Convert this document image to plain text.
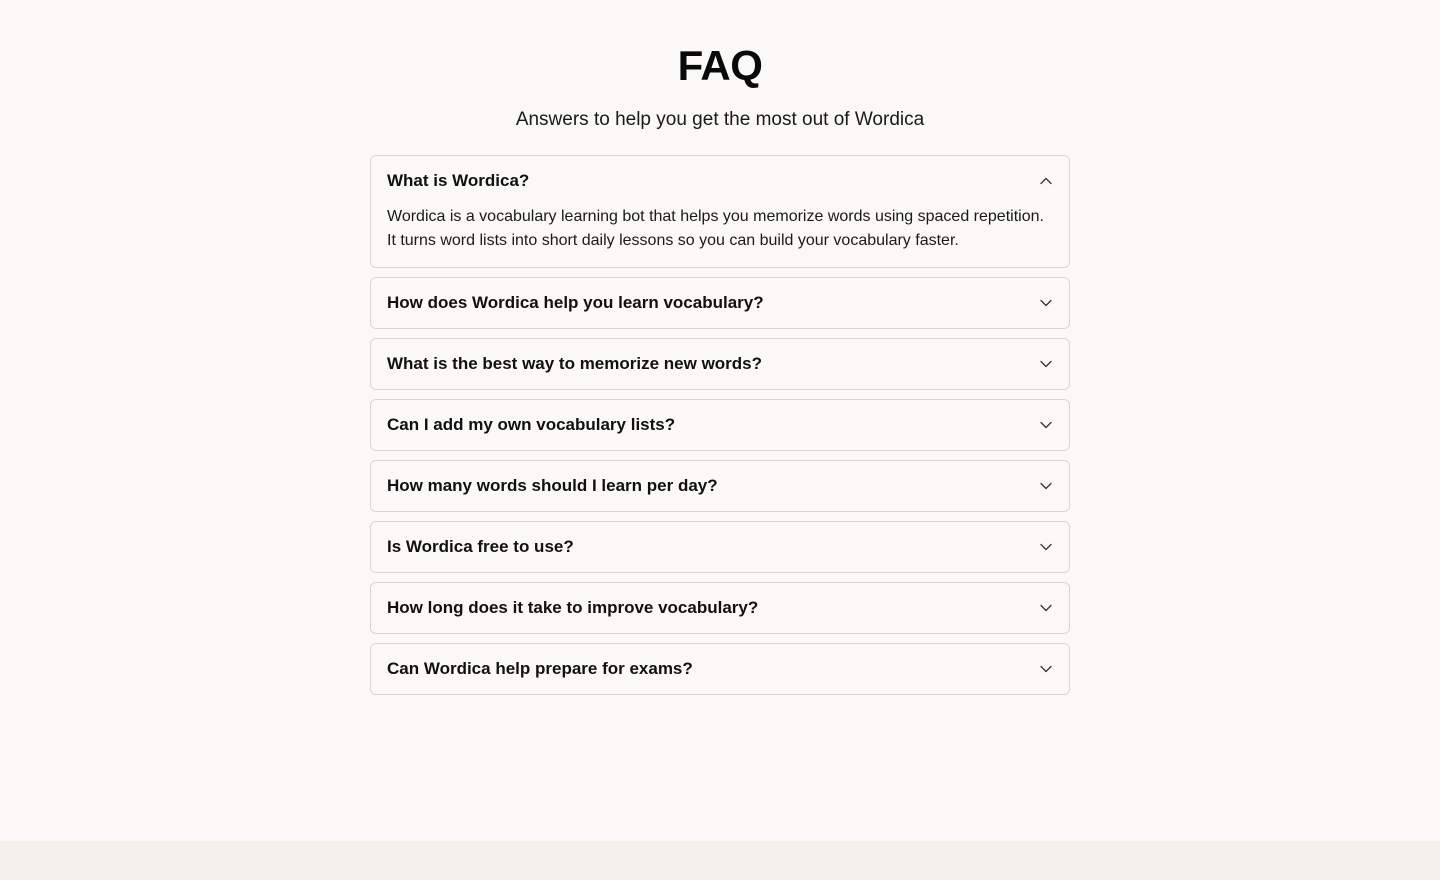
FAQ

Answers to help you get the most out of Wordica

What is Wordica?
Wordica is a vocabulary learning bot that helps you memorize words using spaced repetition. It turns word lists into short daily lessons so you can build your vocabulary faster.
How does Wordica help you learn vocabulary?
What is the best way to memorize new words?
Can I add my own vocabulary lists?
How many words should I learn per day?
Is Wordica free to use?
How long does it take to improve vocabulary?
Can Wordica help prepare for exams?
